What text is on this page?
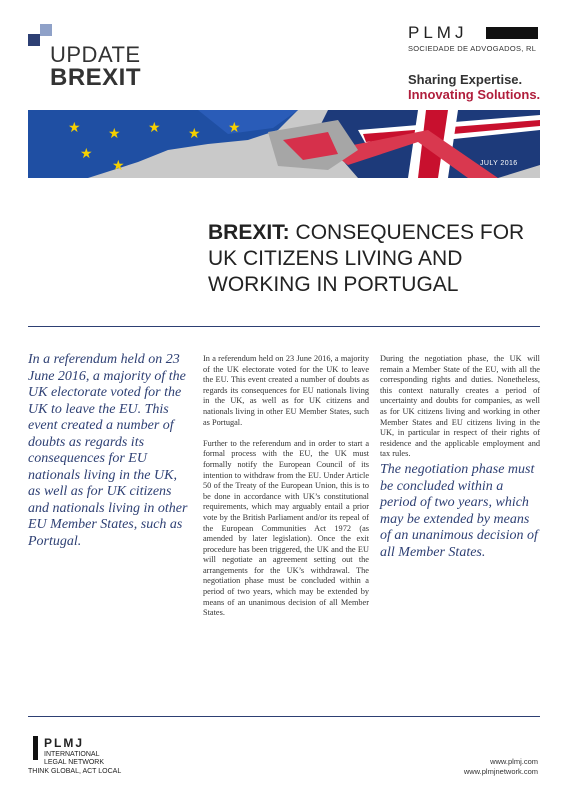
UPDATE
BREXIT
PLMJ
SOCIEDADE DE ADVOGADOS, RL
Sharing Expertise.
Innovating Solutions.
★ ★ ★ ★ ★
★
★	JULY 2016
BREXIT: CONSEQUENCES FOR
UK CITIZENS LIVING AND
WORKING IN PORTUGAL
In a referendum held on 23 June 2016, a majority of the UK electorate voted for the UK to leave the EU. This event created a number of doubts as regards its consequences for EU nationals living in the UK, as well as for UK citizens and nationals living in other EU Member States, such as Portugal.

In a referendum held on 23 June 2016, a majority of the UK electorate voted for the UK to leave the EU. This event created a number of doubts as regards its consequences for EU nationals living in the UK, as well as for UK citizens and nationals living in other EU Member States, such as Portugal.

Further to the referendum and in order to start a formal process with the EU, the UK must formally notify the European Council of its intention to withdraw from the EU. Under Article 50 of the Treaty of the European Union, this is to be done in accordance with UK’s constitutional requirements, which may arguably entail a prior vote by the British Parliament and/or its repeal of the European Communities Act 1972 (as amended by later legislation). Once the exit procedure has been triggered, the UK and the EU will negotiate an agreement setting out the arrangements for the UK’s withdrawal. The negotiation phase must be concluded within a period of two years, which may be extended by means of an unanimous decision of all Member States.

During the negotiation phase, the UK will remain a Member State of the EU, with all the corresponding rights and duties. Nonetheless, this context naturally creates a period of uncertainty and doubts for companies, as well as for UK citizens living and working in other Member States and EU citizens living in the UK, in particular in respect of their rights of residence and the applicable employment and tax rules.

The negotiation phase must be concluded within a period of two years, which may be extended by means of an unanimous decision of all Member States.
PLMJ
INTERNATIONAL
LEGAL NETWORK
THINK GLOBAL, ACT LOCAL
www.plmj.com
www.plmjnetwork.com
